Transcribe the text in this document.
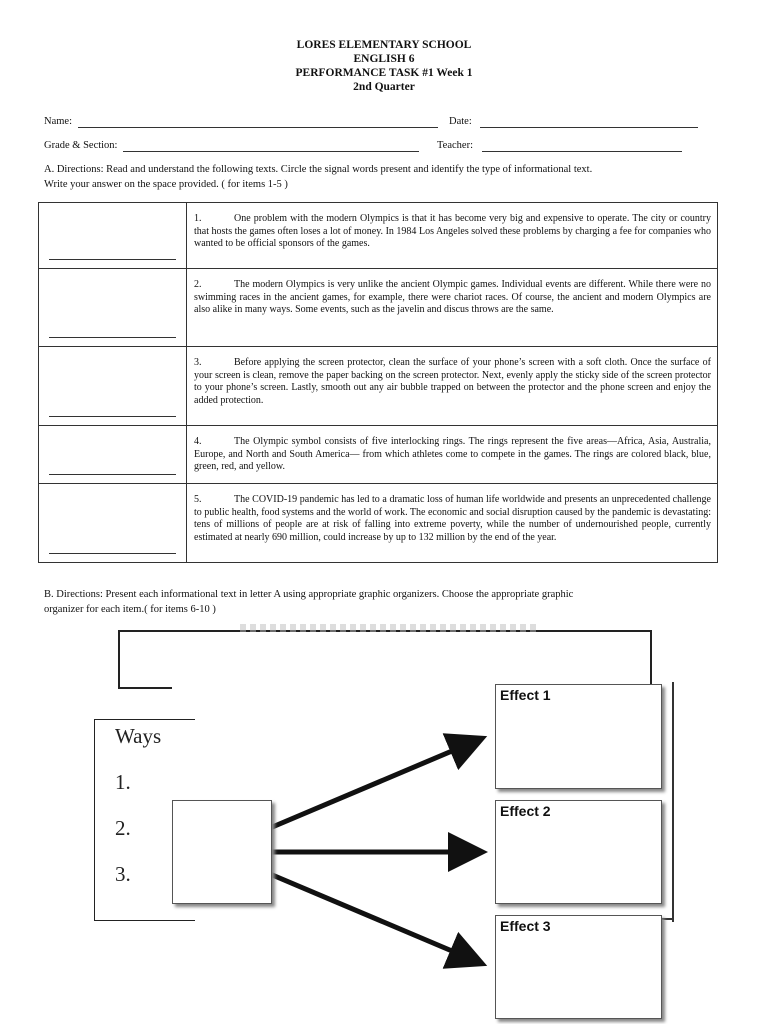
LORES ELEMENTARY SCHOOL
ENGLISH 6
PERFORMANCE TASK #1 Week 1
2nd Quarter
Name:	Date:
Grade & Section:	Teacher:
A. Directions: Read and understand the following texts. Circle the signal words present and identify the type of informational text.
Write your answer on the space provided. ( for items 1-5 )
	1. One problem with the modern Olympics is that it has become very big and expensive to operate. The city or country that hosts the games often loses a lot of money. In 1984 Los Angeles solved these problems by charging a fee for companies who wanted to be official sponsors of the games.

	2. The modern Olympics is very unlike the ancient Olympic games. Individual events are different. While there were no swimming races in the ancient games, for example, there were chariot races. Of course, the ancient and modern Olympics are also alike in many ways. Some events, such as the javelin and discus throws are the same.

	3. Before applying the screen protector, clean the surface of your phone’s screen with a soft cloth. Once the surface of your screen is clean, remove the paper backing on the screen protector. Next, evenly apply the sticky side of the screen protector to your phone’s screen. Lastly, smooth out any air bubble trapped on between the protector and the phone screen and enjoy the added protection.

	4. The Olympic symbol consists of five interlocking rings. The rings represent the five areas—Africa, Asia, Australia, Europe, and North and South America— from which athletes come to compete in the games. The rings are colored black, blue, green, red, and yellow.

	5. The COVID-19 pandemic has led to a dramatic loss of human life worldwide and presents an unprecedented challenge to public health, food systems and the world of work. The economic and social disruption caused by the pandemic is devastating: tens of millions of people are at risk of falling into extreme poverty, while the number of undernourished people, currently estimated at nearly 690 million, could increase by up to 132 million by the end of the year.
B. Directions: Present each informational text in letter A using appropriate graphic organizers. Choose the appropriate graphic
organizer for each item.( for items 6-10 )
Ways
1.
2.
3.
Effect 1
Effect 2
Effect 3
